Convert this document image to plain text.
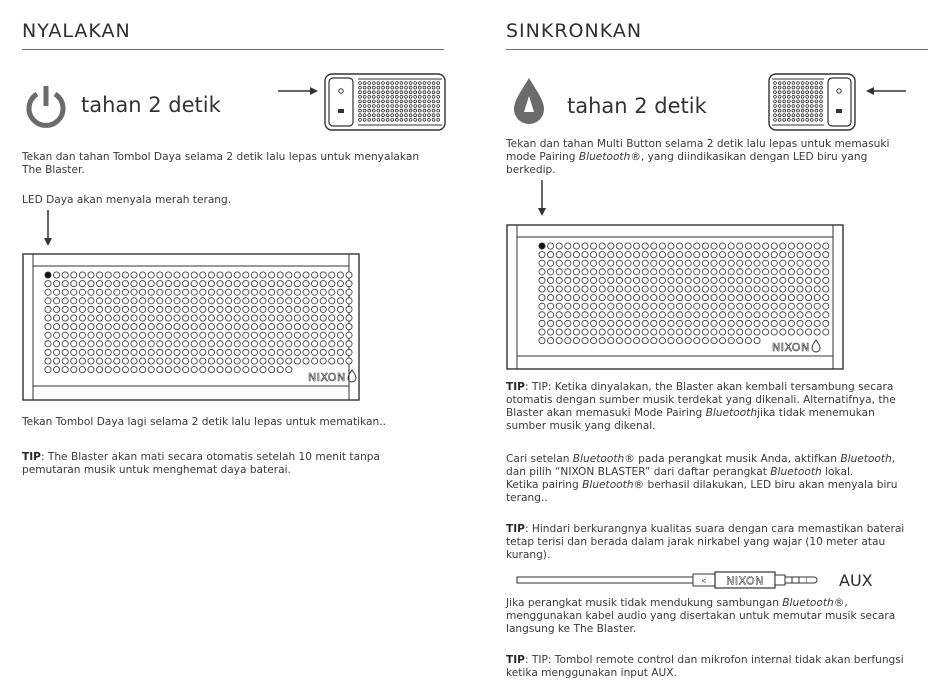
NYALAKAN
tahan 2 detik
Tekan dan tahan Tombol Daya selama 2 detik lalu lepas untuk menyalakan The Blaster.
LED Daya akan menyala merah terang.
NIXON
Tekan Tombol Daya lagi selama 2 detik lalu lepas untuk mematikan..
TIP: The Blaster akan mati secara otomatis setelah 10 menit tanpa pemutaran musik untuk menghemat daya baterai.
SINKRONKAN
tahan 2 detik
Tekan dan tahan Multi Button selama 2 detik lalu lepas untuk memasuki mode Pairing Bluetooth®, yang diindikasikan dengan LED biru yang berkedip.
NIXON
TIP: TIP: Ketika dinyalakan, the Blaster akan kembali tersambung secara otomatis dengan sumber musik terdekat yang dikenali. Alternatifnya, the Blaster akan memasuki Mode Pairing Bluetoothjika tidak menemukan sumber musik yang dikenal.
Cari setelan Bluetooth® pada perangkat musik Anda, aktifkan Bluetooth, dan pilih “NIXON BLASTER” dari daftar perangkat Bluetooth lokal.
Ketika pairing Bluetooth® berhasil dilakukan, LED biru akan menyala biru terang..
TIP: Hindari berkurangnya kualitas suara dengan cara memastikan baterai tetap terisi dan berada dalam jarak nirkabel yang wajar (10 meter atau kurang).
< NIXON	AUX
Jika perangkat musik tidak mendukung sambungan Bluetooth®, menggunakan kabel audio yang disertakan untuk memutar musik secara langsung ke The Blaster.
TIP: TIP: Tombol remote control dan mikrofon internal tidak akan berfungsi ketika menggunakan input AUX.
